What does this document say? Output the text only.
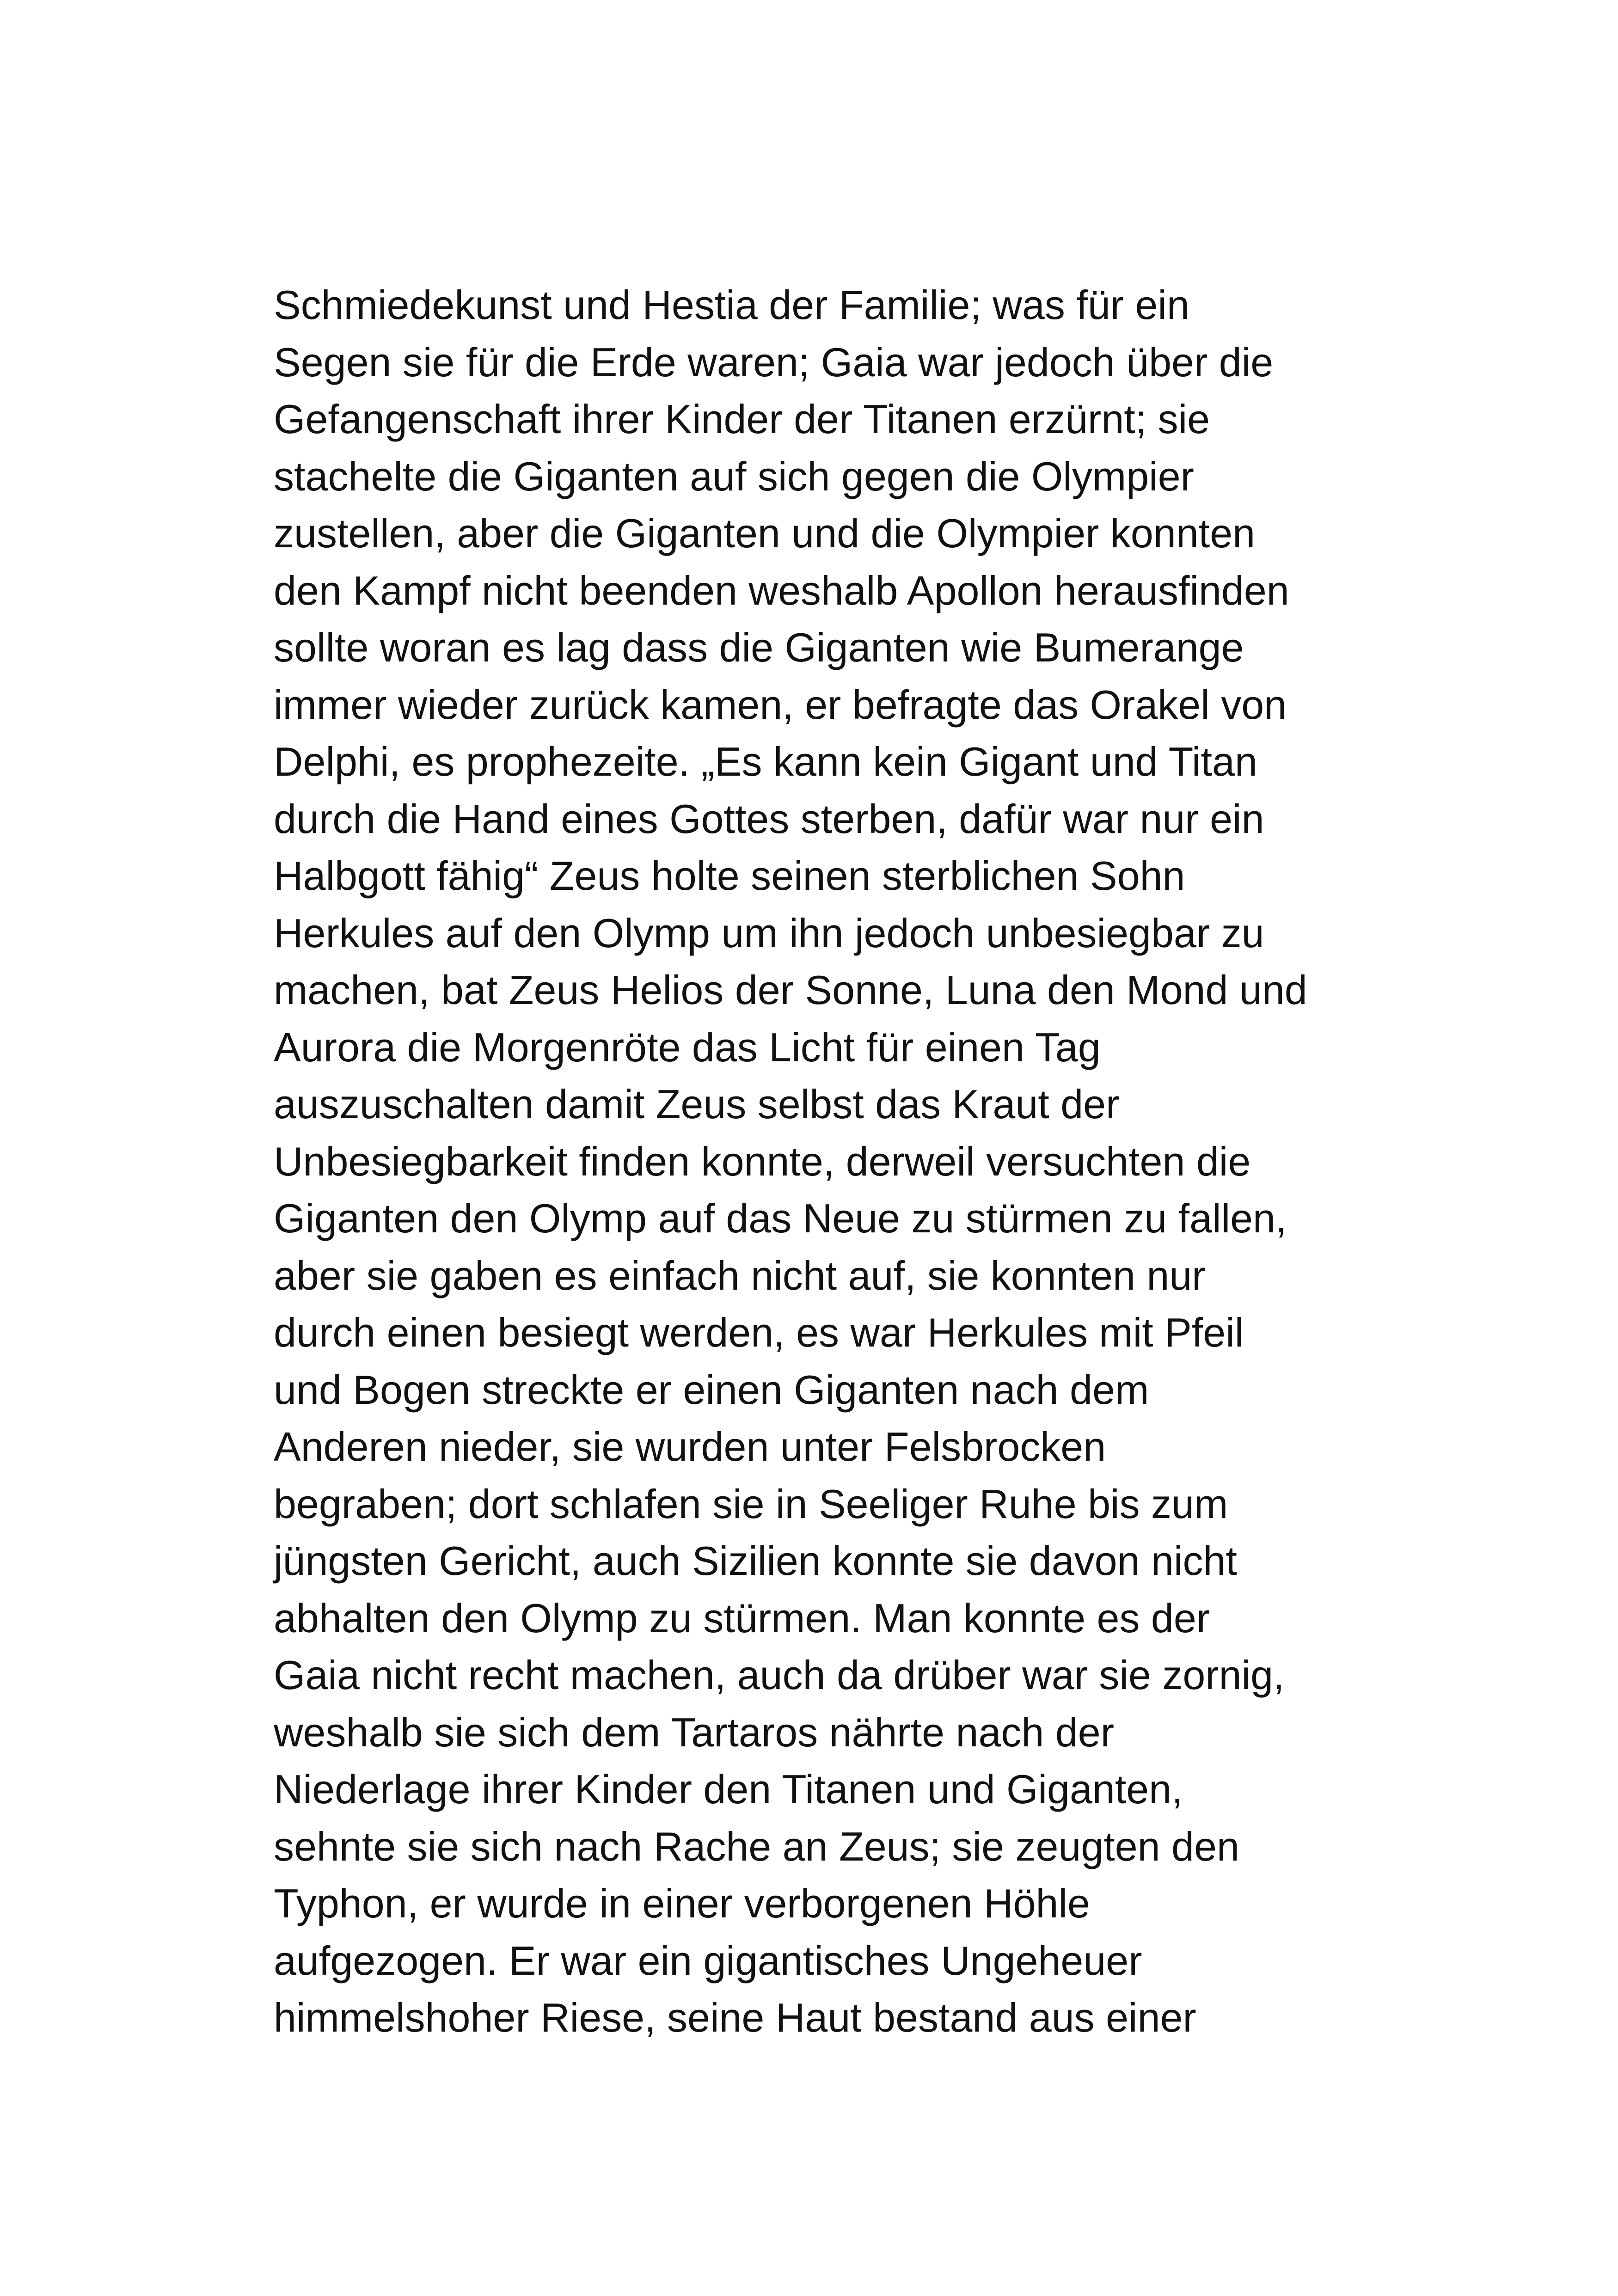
Schmiedekunst und Hestia der Familie; was für ein
Segen sie für die Erde waren; Gaia war jedoch über die
Gefangenschaft ihrer Kinder der Titanen erzürnt; sie
stachelte die Giganten auf sich gegen die Olympier
zustellen, aber die Giganten und die Olympier konnten
den Kampf nicht beenden weshalb Apollon herausfinden
sollte woran es lag dass die Giganten wie Bumerange
immer wieder zurück kamen, er befragte das Orakel von
Delphi, es prophezeite. „Es kann kein Gigant und Titan
durch die Hand eines Gottes sterben, dafür war nur ein
Halbgott fähig“ Zeus holte seinen sterblichen Sohn
Herkules auf den Olymp um ihn jedoch unbesiegbar zu
machen, bat Zeus Helios der Sonne, Luna den Mond und
Aurora die Morgenröte das Licht für einen Tag
auszuschalten damit Zeus selbst das Kraut der
Unbesiegbarkeit finden konnte, derweil versuchten die
Giganten den Olymp auf das Neue zu stürmen zu fallen,
aber sie gaben es einfach nicht auf, sie konnten nur
durch einen besiegt werden, es war Herkules mit Pfeil
und Bogen streckte er einen Giganten nach dem
Anderen nieder, sie wurden unter Felsbrocken
begraben; dort schlafen sie in Seeliger Ruhe bis zum
jüngsten Gericht, auch Sizilien konnte sie davon nicht
abhalten den Olymp zu stürmen. Man konnte es der
Gaia nicht recht machen, auch da drüber war sie zornig,
weshalb sie sich dem Tartaros nährte nach der
Niederlage ihrer Kinder den Titanen und Giganten,
sehnte sie sich nach Rache an Zeus; sie zeugten den
Typhon, er wurde in einer verborgenen Höhle
aufgezogen. Er war ein gigantisches Ungeheuer
himmelshoher Riese, seine Haut bestand aus einer
